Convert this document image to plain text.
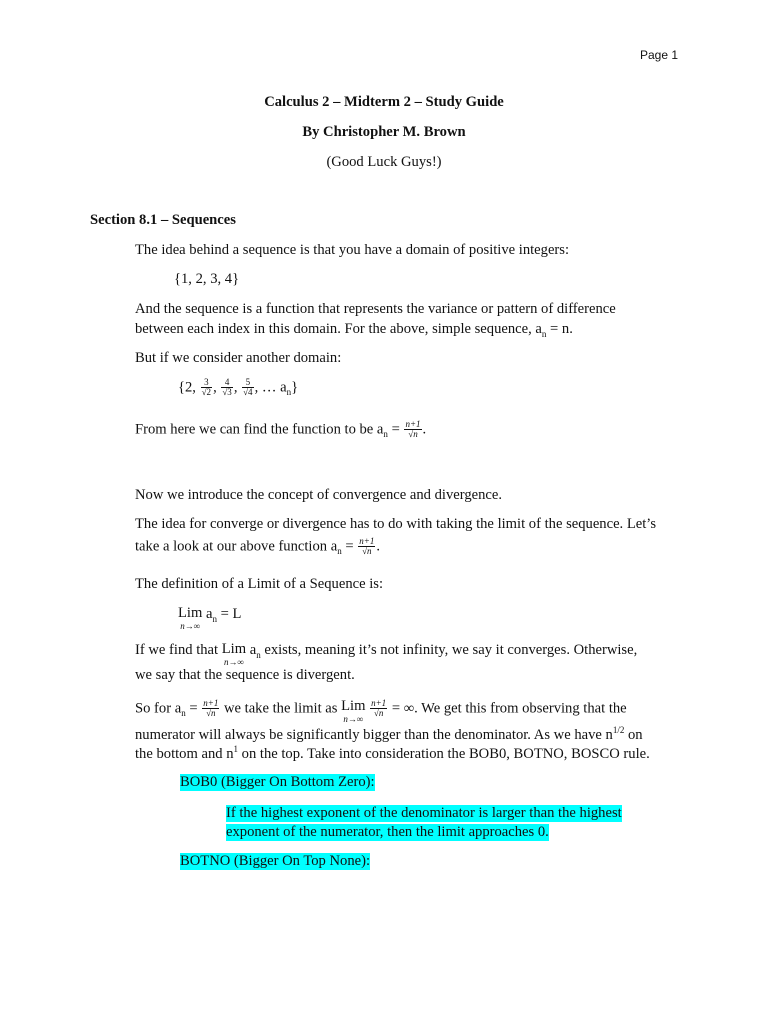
Page 1
Calculus 2 – Midterm 2 – Study Guide
By Christopher M. Brown
(Good Luck Guys!)
Section 8.1 – Sequences
The idea behind a sequence is that you have a domain of positive integers:
{1, 2, 3, 4}
And the sequence is a function that represents the variance or pattern of difference
between each index in this domain. For the above, simple sequence, $a_n = n$.
But if we consider another domain:
{2, $\frac{3}{√2}$ , $\frac{4}{√3}$ , $\frac{5}{√4}$ , … $a_n$}
From here we can find the function to be $a_n = \frac{n+1}{√n}$ .
Now we introduce the concept of convergence and divergence.
The idea for converge or divergence has to do with taking the limit of the sequence. Let’s
take a look at our above function $a_n = \frac{n+1}{√n}$ .
The definition of a Limit of a Sequence is:
Lim
n→∞
$a_n = L$
If we find that Lim
n→∞
$a_n$ exists, meaning it’s not infinity, we say it converges. Otherwise,
we say that the sequence is divergent.
So for $a_n = \frac{n+1}{√n}$ we take the limit as Lim
n→∞
$\frac{n+1}{√n}$ = ∞. We get this from observing that the
numerator will always be significantly bigger than the denominator. As we have $n^{1/2}$ on
the bottom and $n^1$ on the top. Take into consideration the BOB0, BOTNO, BOSCO rule.
BOB0 (Bigger On Bottom Zero):
If the highest exponent of the denominator is larger than the highest
exponent of the numerator, then the limit approaches 0.
BOTNO (Bigger On Top None):
